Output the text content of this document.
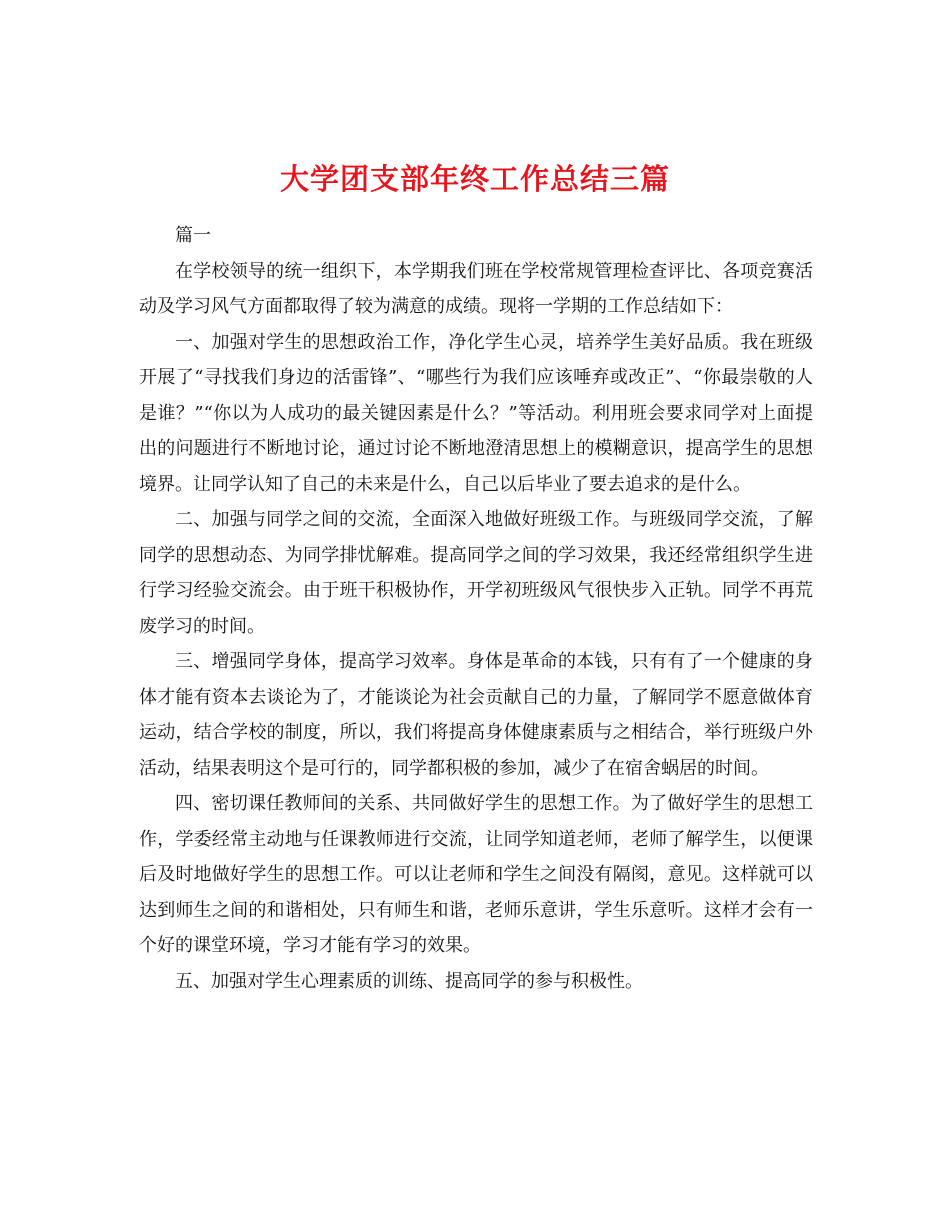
大学团支部年终工作总结三篇

篇一

在学校领导的统一组织下，本学期我们班在学校常规管理检查评比、各项竞赛活动及学习风气方面都取得了较为满意的成绩。现将一学期的工作总结如下：

一、加强对学生的思想政治工作，净化学生心灵，培养学生美好品质。我在班级开展了“寻找我们身边的活雷锋”、“哪些行为我们应该唾弃或改正”、“你最崇敬的人是谁？”“你以为人成功的最关键因素是什么？”等活动。利用班会要求同学对上面提出的问题进行不断地讨论，通过讨论不断地澄清思想上的模糊意识，提高学生的思想境界。让同学认知了自己的未来是什么，自己以后毕业了要去追求的是什么。

二、加强与同学之间的交流，全面深入地做好班级工作。与班级同学交流，了解同学的思想动态、为同学排忧解难。提高同学之间的学习效果，我还经常组织学生进行学习经验交流会。由于班干积极协作，开学初班级风气很快步入正轨。同学不再荒废学习的时间。

三、增强同学身体，提高学习效率。身体是革命的本钱，只有有了一个健康的身体才能有资本去谈论为了，才能谈论为社会贡献自己的力量，了解同学不愿意做体育运动，结合学校的制度，所以，我们将提高身体健康素质与之相结合，举行班级户外活动，结果表明这个是可行的，同学都积极的参加，减少了在宿舍蜗居的时间。

四、密切课任教师间的关系、共同做好学生的思想工作。为了做好学生的思想工作，学委经常主动地与任课教师进行交流，让同学知道老师，老师了解学生，以便课后及时地做好学生的思想工作。可以让老师和学生之间没有隔阂，意见。这样就可以达到师生之间的和谐相处，只有师生和谐，老师乐意讲，学生乐意听。这样才会有一个好的课堂环境，学习才能有学习的效果。

五、加强对学生心理素质的训练、提高同学的参与积极性。
